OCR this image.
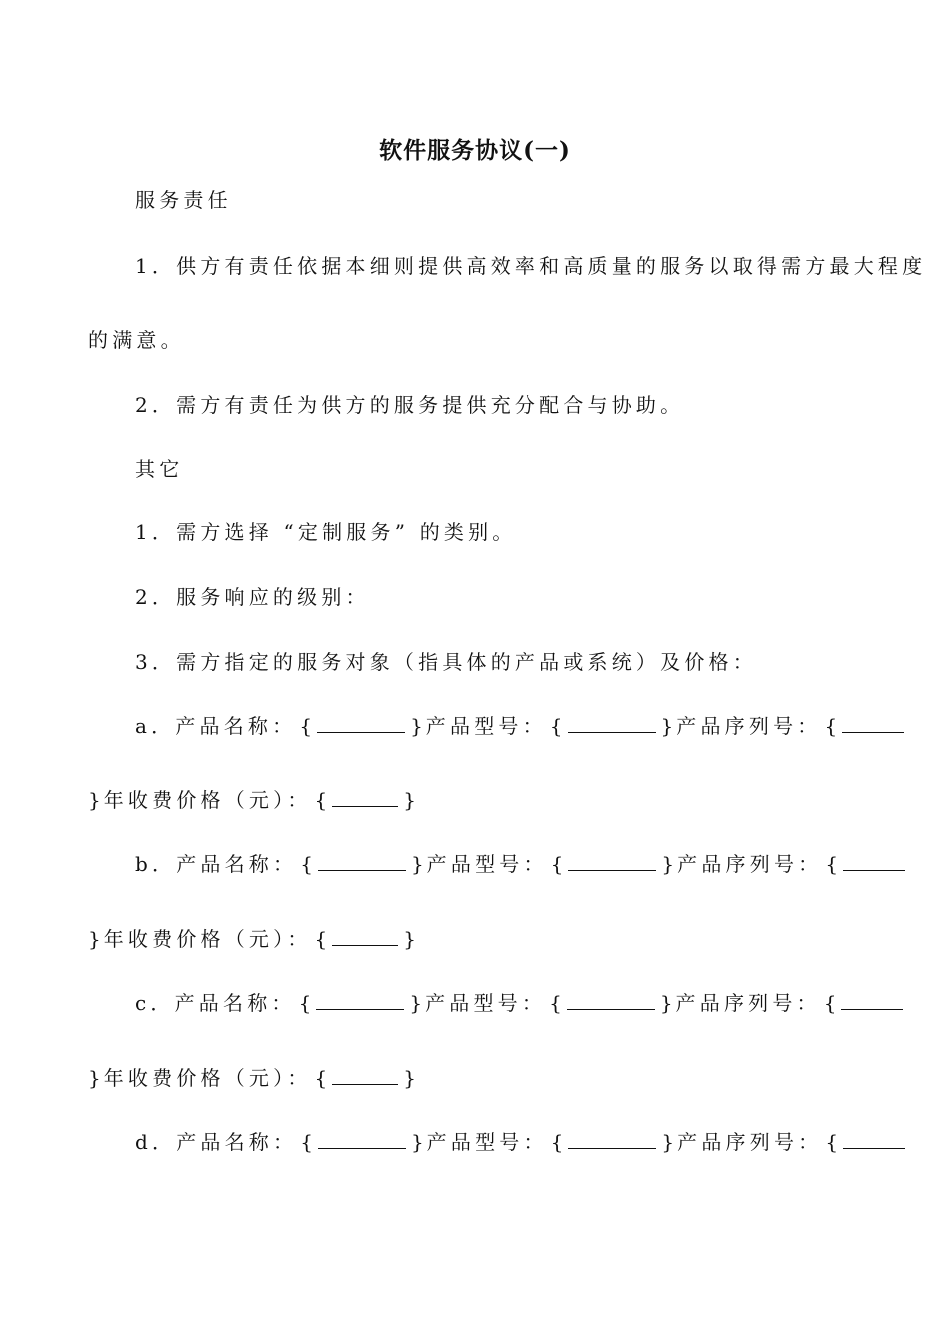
软件服务协议(一)
服务责任
1．供方有责任依据本细则提供高效率和高质量的服务以取得需方最大程度
的满意。
2．需方有责任为供方的服务提供充分配合与协助。
其它
1．需方选择 “定制服务” 的类别。
2．服务响应的级别：
3．需方指定的服务对象（指具体的产品或系统）及价格：
a．产品名称： {	} 产品型号： {	} 产品序列号： {
} 年收费价格（元）： {	}
b．产品名称： {	} 产品型号： {	} 产品序列号： {
} 年收费价格（元）： {	}
c．产品名称： {	} 产品型号： {	} 产品序列号： {
} 年收费价格（元）： {	}
d．产品名称： {	} 产品型号： {	} 产品序列号： {
